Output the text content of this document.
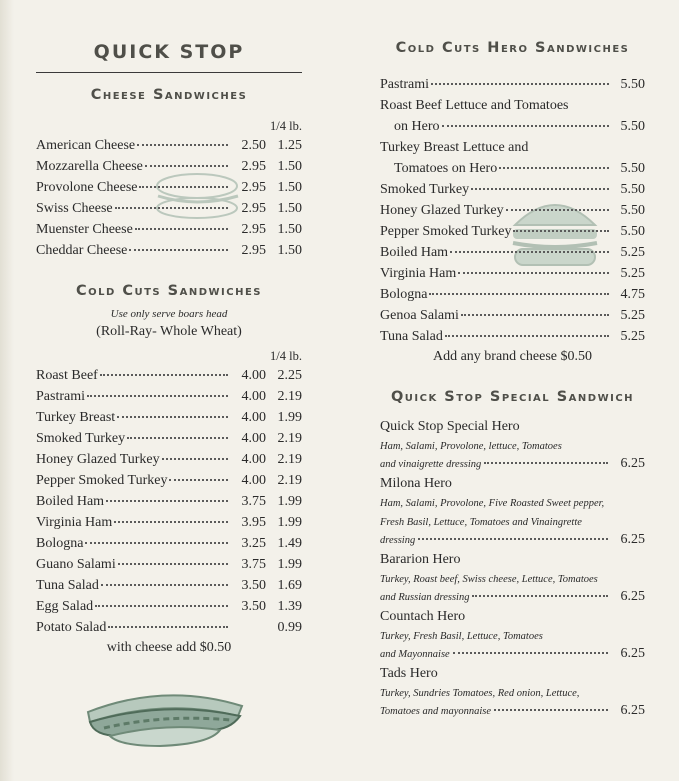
QUICK STOP
Cheese Sandwiches
1/4 lb.
American Cheese	2.50 1.25
Mozzarella Cheese	2.95 1.50
Provolone Cheese	2.95 1.50
Swiss Cheese	2.95 1.50
Muenster Cheese	2.95 1.50
Cheddar Cheese	2.95 1.50
Cold Cuts Sandwiches
Use only serve boars head
(Roll-Ray- Whole Wheat)
1/4 lb.
Roast Beef	4.00 2.25
Pastrami	4.00 2.19
Turkey Breast	4.00 1.99
Smoked Turkey	4.00 2.19
Honey Glazed Turkey	4.00 2.19
Pepper Smoked Turkey	4.00 2.19
Boiled Ham	3.75 1.99
Virginia Ham	3.95 1.99
Bologna	3.25 1.49
Guano Salami	3.75 1.99
Tuna Salad	3.50 1.69
Egg Salad	3.50 1.39
Potato Salad	0.99
with cheese add $0.50
Cold Cuts Hero Sandwiches
Pastrami	5.50
Roast Beef Lettuce and Tomatoes
on Hero	5.50
Turkey Breast Lettuce and
Tomatoes on Hero	5.50
Smoked Turkey	5.50
Honey Glazed Turkey	5.50
Pepper Smoked Turkey	5.50
Boiled Ham	5.25
Virginia Ham	5.25
Bologna	4.75
Genoa Salami	5.25
Tuna Salad	5.25
Add any brand cheese $0.50
Quick Stop Special Sandwich
Quick Stop Special Hero
Ham, Salami, Provolone, lettuce, Tomatoes
and vinaigrette dressing	6.25
Milona Hero
Ham, Salami, Provolone, Five Roasted Sweet pepper,
Fresh Basil, Lettuce, Tomatoes and Vinaingrette
dressing	6.25
Bararion Hero
Turkey, Roast beef, Swiss cheese, Lettuce, Tomatoes
and Russian dressing	6.25
Countach Hero
Turkey, Fresh Basil, Lettuce, Tomatoes
and Mayonnaise	6.25
Tads Hero
Turkey, Sundries Tomatoes, Red onion, Lettuce,
Tomatoes and mayonnaise	6.25
